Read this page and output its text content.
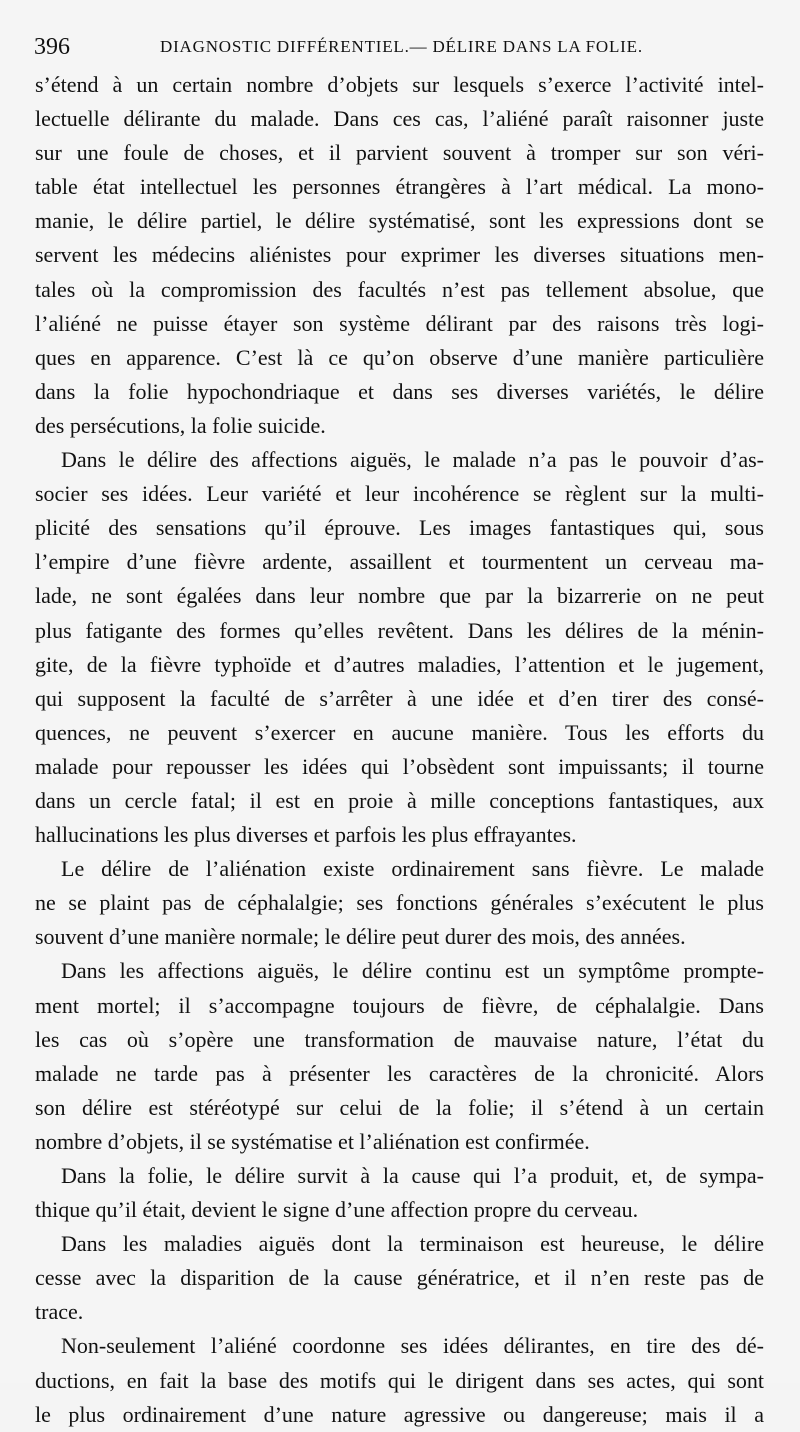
396	DIAGNOSTIC DIFFÉRENTIEL.— DÉLIRE DANS LA FOLIE.
s’étend à un certain nombre d’objets sur lesquels s’exerce l’activité intel-
lectuelle délirante du malade. Dans ces cas, l’aliéné paraît raisonner juste
sur une foule de choses, et il parvient souvent à tromper sur son véri-
table état intellectuel les personnes étrangères à l’art médical. La mono-
manie, le délire partiel, le délire systématisé, sont les expressions dont se
servent les médecins aliénistes pour exprimer les diverses situations men-
tales où la compromission des facultés n’est pas tellement absolue, que
l’aliéné ne puisse étayer son système délirant par des raisons très logi-
ques en apparence. C’est là ce qu’on observe d’une manière particulière
dans la folie hypochondriaque et dans ses diverses variétés, le délire
des persécutions, la folie suicide.
Dans le délire des affections aiguës, le malade n’a pas le pouvoir d’as-
socier ses idées. Leur variété et leur incohérence se règlent sur la multi-
plicité des sensations qu’il éprouve. Les images fantastiques qui, sous
l’empire d’une fièvre ardente, assaillent et tourmentent un cerveau ma-
lade, ne sont égalées dans leur nombre que par la bizarrerie on ne peut
plus fatigante des formes qu’elles revêtent. Dans les délires de la ménin-
gite, de la fièvre typhoïde et d’autres maladies, l’attention et le jugement,
qui supposent la faculté de s’arrêter à une idée et d’en tirer des consé-
quences, ne peuvent s’exercer en aucune manière. Tous les efforts du
malade pour repousser les idées qui l’obsèdent sont impuissants; il tourne
dans un cercle fatal; il est en proie à mille conceptions fantastiques, aux
hallucinations les plus diverses et parfois les plus effrayantes.
Le délire de l’aliénation existe ordinairement sans fièvre. Le malade
ne se plaint pas de céphalalgie; ses fonctions générales s’exécutent le plus
souvent d’une manière normale; le délire peut durer des mois, des années.
Dans les affections aiguës, le délire continu est un symptôme prompte-
ment mortel; il s’accompagne toujours de fièvre, de céphalalgie. Dans
les cas où s’opère une transformation de mauvaise nature, l’état du
malade ne tarde pas à présenter les caractères de la chronicité. Alors
son délire est stéréotypé sur celui de la folie; il s’étend à un certain
nombre d’objets, il se systématise et l’aliénation est confirmée.
Dans la folie, le délire survit à la cause qui l’a produit, et, de sympa-
thique qu’il était, devient le signe d’une affection propre du cerveau.
Dans les maladies aiguës dont la terminaison est heureuse, le délire
cesse avec la disparition de la cause génératrice, et il n’en reste pas de
trace.
Non-seulement l’aliéné coordonne ses idées délirantes, en tire des dé-
ductions, en fait la base des motifs qui le dirigent dans ses actes, qui sont
le plus ordinairement d’une nature agressive ou dangereuse; mais il a
